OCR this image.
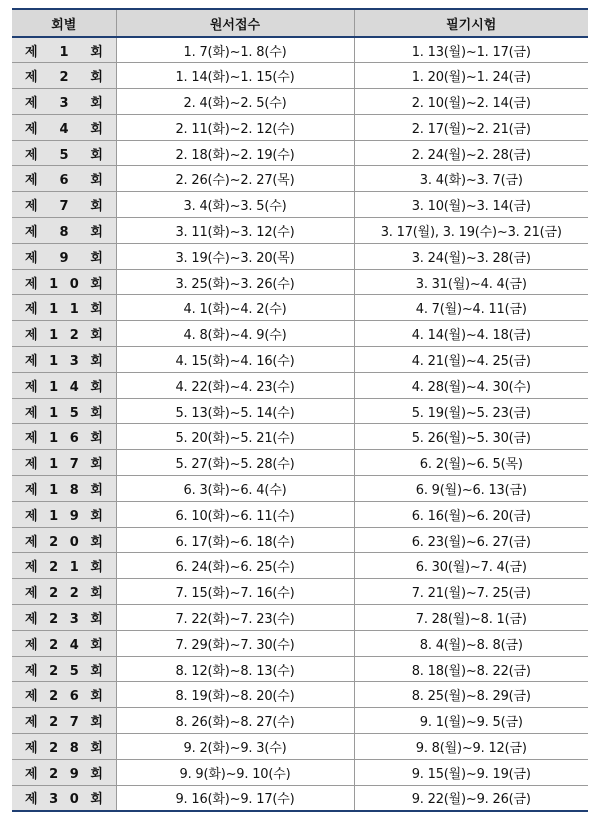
회별	원서접수	필기시험

제 1 회	1. 7(화)~1. 8(수)	1. 13(월)~1. 17(금)

제 2 회	1. 14(화)~1. 15(수)	1. 20(월)~1. 24(금)

제 3 회	2. 4(화)~2. 5(수)	2. 10(월)~2. 14(금)

제 4 회	2. 11(화)~2. 12(수)	2. 17(월)~2. 21(금)

제 5 회	2. 18(화)~2. 19(수)	2. 24(월)~2. 28(금)

제 6 회	2. 26(수)~2. 27(목)	3. 4(화)~3. 7(금)

제 7 회	3. 4(화)~3. 5(수)	3. 10(월)~3. 14(금)

제 8 회	3. 11(화)~3. 12(수)	3. 17(월), 3. 19(수)~3. 21(금)

제 9 회	3. 19(수)~3. 20(목)	3. 24(월)~3. 28(금)

제 1 0 회	3. 25(화)~3. 26(수)	3. 31(월)~4. 4(금)

제 1 1 회	4. 1(화)~4. 2(수)	4. 7(월)~4. 11(금)

제 1 2 회	4. 8(화)~4. 9(수)	4. 14(월)~4. 18(금)

제 1 3 회	4. 15(화)~4. 16(수)	4. 21(월)~4. 25(금)

제 1 4 회	4. 22(화)~4. 23(수)	4. 28(월)~4. 30(수)

제 1 5 회	5. 13(화)~5. 14(수)	5. 19(월)~5. 23(금)

제 1 6 회	5. 20(화)~5. 21(수)	5. 26(월)~5. 30(금)

제 1 7 회	5. 27(화)~5. 28(수)	6. 2(월)~6. 5(목)

제 1 8 회	6. 3(화)~6. 4(수)	6. 9(월)~6. 13(금)

제 1 9 회	6. 10(화)~6. 11(수)	6. 16(월)~6. 20(금)

제 2 0 회	6. 17(화)~6. 18(수)	6. 23(월)~6. 27(금)

제 2 1 회	6. 24(화)~6. 25(수)	6. 30(월)~7. 4(금)

제 2 2 회	7. 15(화)~7. 16(수)	7. 21(월)~7. 25(금)

제 2 3 회	7. 22(화)~7. 23(수)	7. 28(월)~8. 1(금)

제 2 4 회	7. 29(화)~7. 30(수)	8. 4(월)~8. 8(금)

제 2 5 회	8. 12(화)~8. 13(수)	8. 18(월)~8. 22(금)

제 2 6 회	8. 19(화)~8. 20(수)	8. 25(월)~8. 29(금)

제 2 7 회	8. 26(화)~8. 27(수)	9. 1(월)~9. 5(금)

제 2 8 회	9. 2(화)~9. 3(수)	9. 8(월)~9. 12(금)

제 2 9 회	9. 9(화)~9. 10(수)	9. 15(월)~9. 19(금)

제 3 0 회	9. 16(화)~9. 17(수)	9. 22(월)~9. 26(금)
